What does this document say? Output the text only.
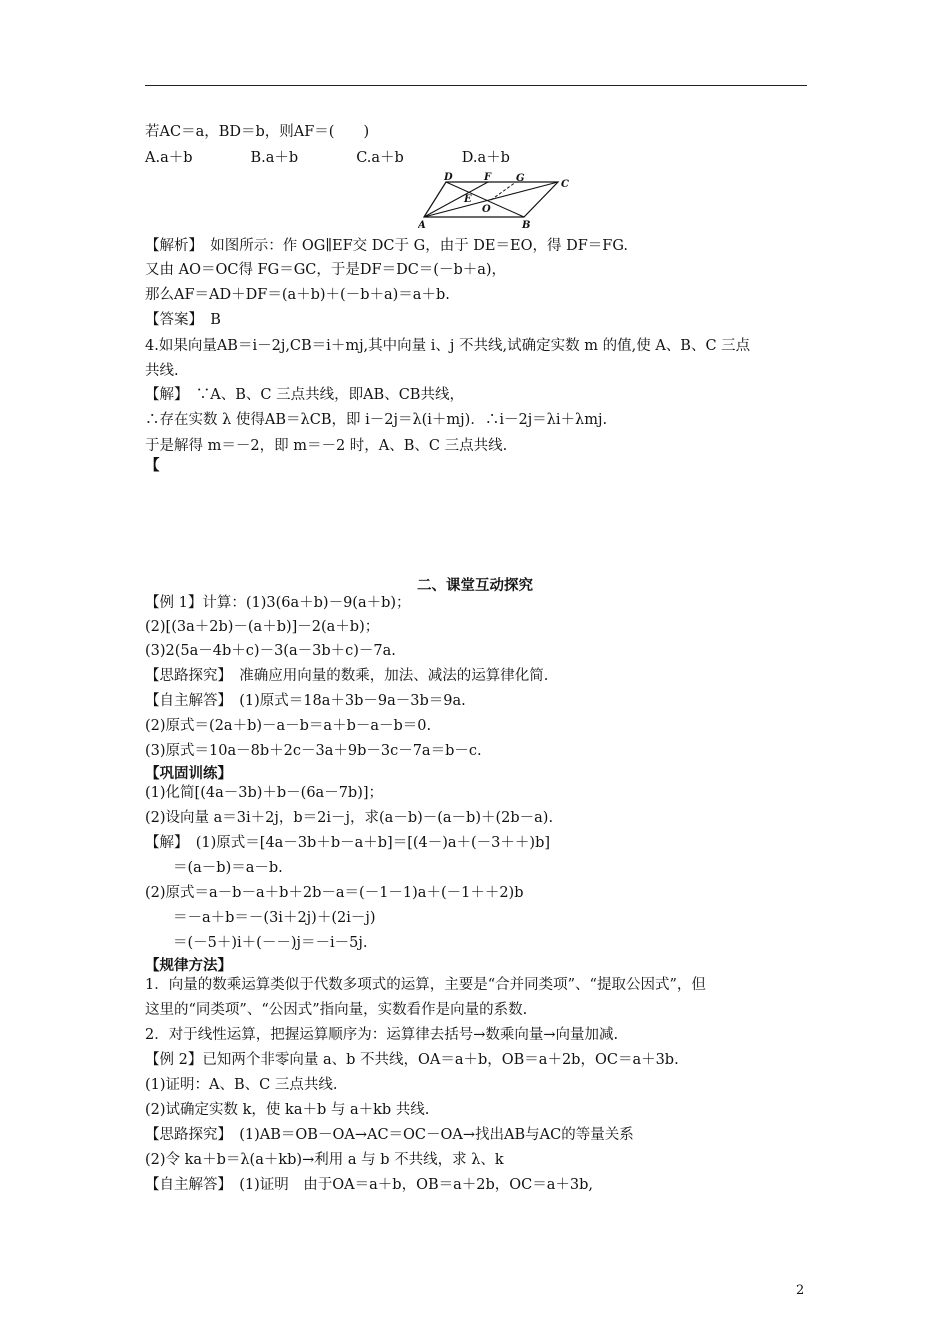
若AC＝a，BD＝b，则AF＝(　　)
A.a＋b　　　　B.a＋b　　　　C.a＋b　　　　D.a＋b
D	F G
C
E
O
A	B
【解析】　如图所示：作 OG∥EF交 DC于 G，由于 DE＝EO，得 DF＝FG.
又由 AO＝OC得 FG＝GC，于是DF＝DC＝(－b＋a)，
那么AF＝AD＋DF＝(a＋b)＋(－b＋a)＝a＋b.
【答案】　B
4.如果向量AB＝i－2j,CB＝i＋mj,其中向量 i、j 不共线,试确定实数 m 的值,使 A、B、C 三点
共线.
【解】　∵A、B、C 三点共线，即AB、CB共线，
∴存在实数 λ 使得AB＝λCB，即 i－2j＝λ(i＋mj)．∴i－2j＝λi＋λmj.
于是解得 m＝－2，即 m＝－2 时，A、B、C 三点共线.
【
二、课堂互动探究
【例 1】计算：(1)3(6a＋b)－9(a＋b)；
(2)[(3a＋2b)－(a＋b)]－2(a＋b)；
(3)2(5a－4b＋c)－3(a－3b＋c)－7a.
【思路探究】　准确应用向量的数乘，加法、减法的运算律化简.
【自主解答】　(1)原式＝18a＋3b－9a－3b＝9a.
(2)原式＝(2a＋b)－a－b＝a＋b－a－b＝0.
(3)原式＝10a－8b＋2c－3a＋9b－3c－7a＝b－c.
【巩固训练】
(1)化简[(4a－3b)＋b－(6a－7b)]；
(2)设向量 a＝3i＋2j，b＝2i－j，求(a－b)－(a－b)＋(2b－a).
【解】　(1)原式＝[4a－3b＋b－a＋b]＝[(4－)a＋(－3＋＋)b]
＝(a－b)＝a－b.
(2)原式＝a－b－a＋b＋2b－a＝(－1－1)a＋(－1＋＋2)b
＝－a＋b＝－(3i＋2j)＋(2i－j)
＝(－5＋)i＋(－－)j＝－i－5j.
【规律方法】
1．向量的数乘运算类似于代数多项式的运算，主要是“合并同类项”、“提取公因式”，但
这里的“同类项”、“公因式”指向量，实数看作是向量的系数.
2．对于线性运算，把握运算顺序为：运算律去括号→数乘向量→向量加减.
【例 2】已知两个非零向量 a、b 不共线，OA＝a＋b，OB＝a＋2b，OC＝a＋3b.
(1)证明：A、B、C 三点共线.
(2)试确定实数 k，使 ka＋b 与 a＋kb 共线.
【思路探究】　(1)AB＝OB－OA→AC＝OC－OA→找出AB与AC的等量关系
(2)令 ka＋b＝λ(a＋kb)→利用 a 与 b 不共线，求 λ、k
【自主解答】　(1)证明　由于OA＝a＋b，OB＝a＋2b，OC＝a＋3b,
2
